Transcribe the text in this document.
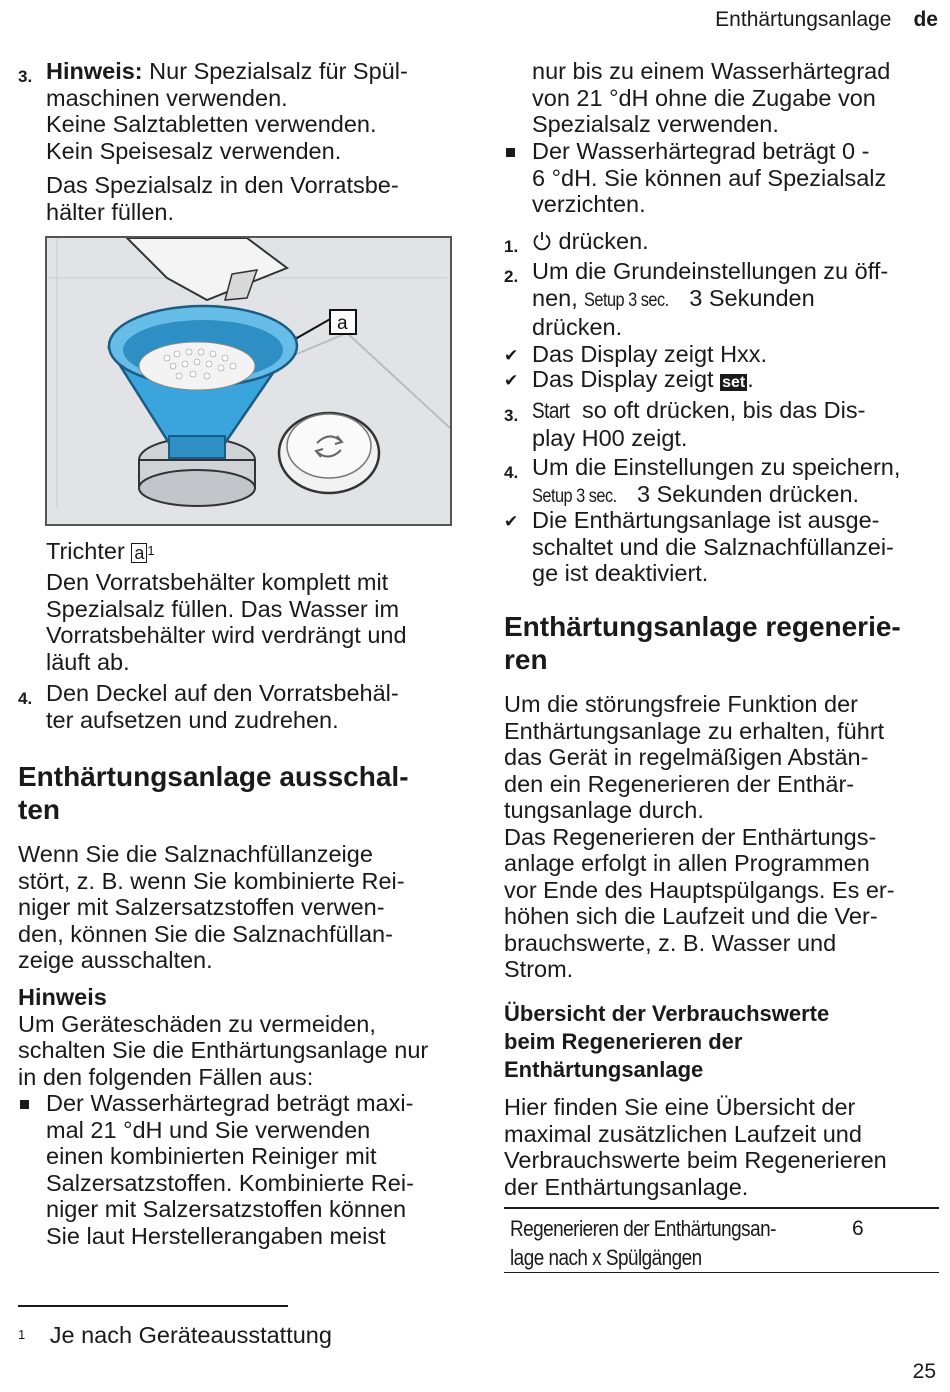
Enthärtungsanlage de
3. Hinweis: Nur Spezialsalz für Spül-
maschinen verwenden.
Keine Salztabletten verwenden.
Kein Speisesalz verwenden.
Das Spezialsalz in den Vorratsbe-
hälter füllen.
a
Trichter a $^1$
Den Vorratsbehälter komplett mit
Spezialsalz füllen. Das Wasser im
Vorratsbehälter wird verdrängt und
läuft ab.
4. Den Deckel auf den Vorratsbehäl-
ter aufsetzen und zudrehen.
Enthärtungsanlage ausschal-
ten
Wenn Sie die Salznachfüllanzeige
stört, z. B. wenn Sie kombinierte Rei-
niger mit Salzersatzstoffen verwen-
den, können Sie die Salznachfüllan-
zeige ausschalten.
Hinweis
Um Geräteschäden zu vermeiden,
schalten Sie die Enthärtungsanlage nur
in den folgenden Fällen aus:
Der Wasserhärtegrad beträgt maxi-
mal 21 °dH und Sie verwenden
einen kombinierten Reiniger mit
Salzersatzstoffen. Kombinierte Rei-
niger mit Salzersatzstoffen können
Sie laut Herstellerangaben meist
$^1$ Je nach Geräteausstattung
nur bis zu einem Wasserhärtegrad
von 21 °dH ohne die Zugabe von
Spezialsalz verwenden.
Der Wasserhärtegrad beträgt 0 -
6 °dH. Sie können auf Spezialsalz
verzichten.
1.	drücken.
2. Um die Grundeinstellungen zu öff-
nen, Setup 3 sec. 3 Sekunden
drücken.
✔ Das Display zeigt Hxx.
✔ Das Display zeigt set.
3. Start so oft drücken, bis das Dis-
play H00 zeigt.
4. Um die Einstellungen zu speichern,
Setup 3 sec. 3 Sekunden drücken.
✔ Die Enthärtungsanlage ist ausge-
schaltet und die Salznachfüllanzei-
ge ist deaktiviert.
Enthärtungsanlage regenerie-
ren
Um die störungsfreie Funktion der
Enthärtungsanlage zu erhalten, führt
das Gerät in regelmäßigen Abstän-
den ein Regenerieren der Enthär-
tungsanlage durch.
Das Regenerieren der Enthärtungs-
anlage erfolgt in allen Programmen
vor Ende des Hauptspülgangs. Es er-
höhen sich die Laufzeit und die Ver-
brauchswerte, z. B. Wasser und
Strom.
Übersicht der Verbrauchswerte
beim Regenerieren der
Enthärtungsanlage
Hier finden Sie eine Übersicht der
maximal zusätzlichen Laufzeit und
Verbrauchswerte beim Regenerieren
der Enthärtungsanlage.
Regenerieren der Enthärtungsan-
lage nach x Spülgängen
6
25
